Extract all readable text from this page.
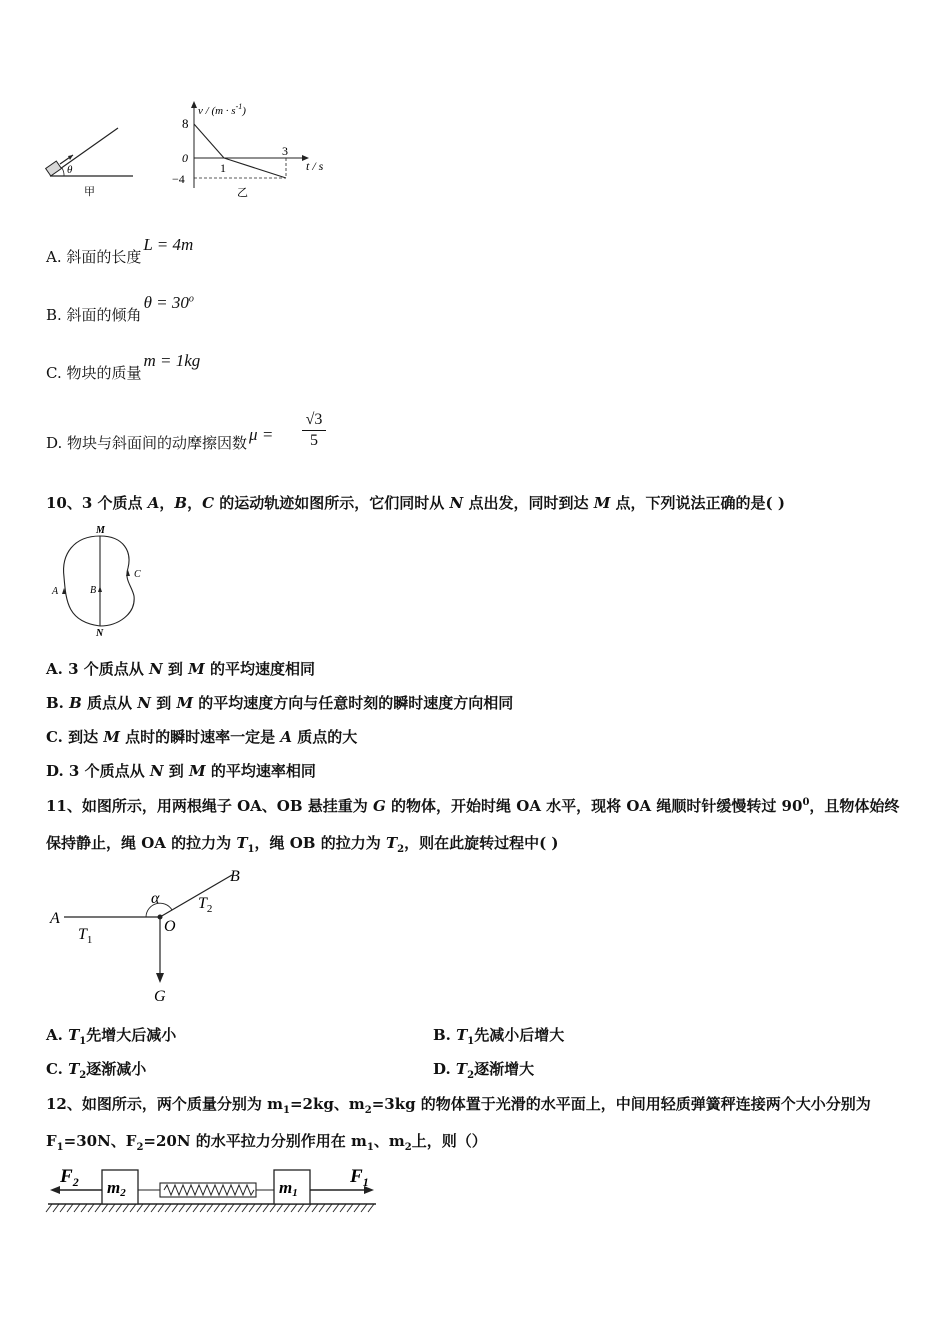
θ
甲
$v / (m \cdot s^{-1})$
t / s
8
0
−4
1
3
乙
A. 斜面的长度L = 4m
B. 斜面的倾角$\theta = 30^o$
C. 物块的质量m = 1kg
D. 物块与斜面间的动摩擦因数 $\mu = \frac{√3}{5}$
10、3 个质点 A，B，C 的运动轨迹如图所示，它们同时从 N 点出发，同时到达 M 点，下列说法正确的是( )
M
N
A	B
C
A. 3 个质点从 N 到 M 的平均速度相同
B. B 质点从 N 到 M 的平均速度方向与任意时刻的瞬时速度方向相同
C. 到达 M 点时的瞬时速率一定是 A 质点的大
D. 3 个质点从 N 到 M 的平均速率相同
11、如图所示，用两根绳子 OA、OB 悬挂重为 G 的物体，开始时绳 OA 水平，现将 OA 绳顺时针缓慢转过 $90^0$，且物体始终
保持静止，绳 OA 的拉力为 $T_1$，绳 OB 的拉力为 $T_2$，则在此旋转过程中( )
A
B
O
G
α
$T_1$
$T_2$
A. $T_1$先增大后减小	B. $T_1$先减小后增大
C. $T_2$逐渐减小	D. $T_2$逐渐增大
12、如图所示，两个质量分别为 $m_1=2kg$、$m_2=3kg$ 的物体置于光滑的水平面上，中间用轻质弹簧秤连接两个大小分别为
$F_1=30N$、$F_2=20N$ 的水平拉力分别作用在 $m_1$、$m_2$上，则（）
$F_2$ m2	m1
$F_1$
